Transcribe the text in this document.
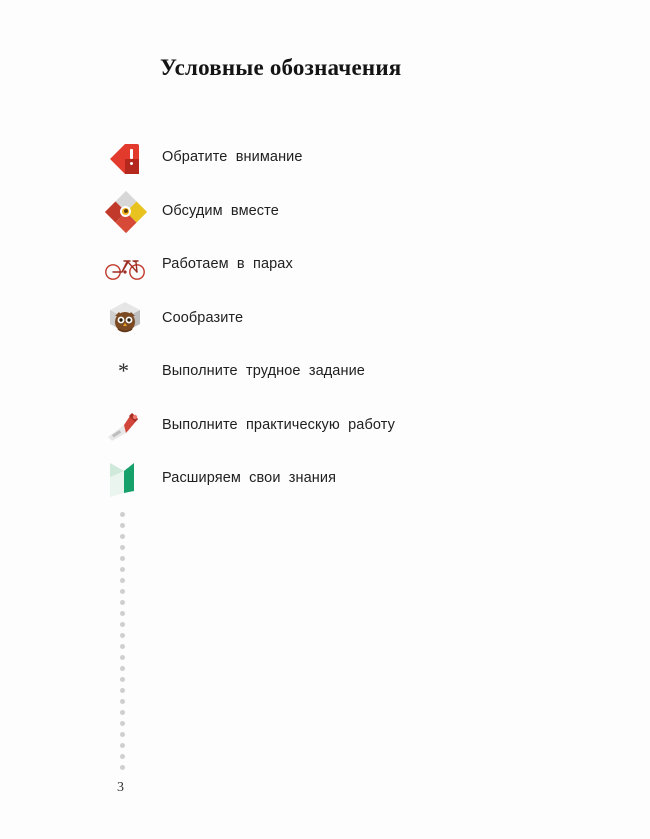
Условные обозначения
Обратите  внимание
Обсудим  вместе
Работаем  в  парах
Сообразите
* Выполните  трудное  задание
Выполните  практическую  работу
Расширяем  свои  знания
3
